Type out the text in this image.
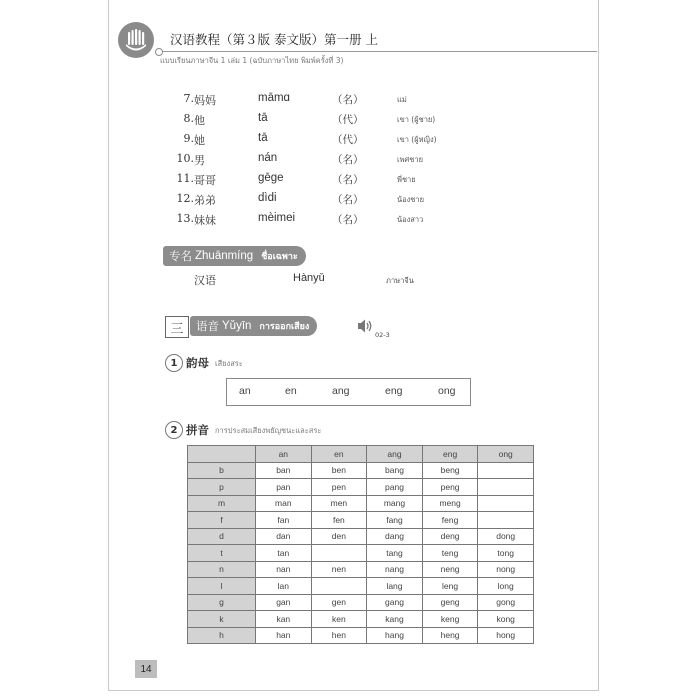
汉语教程（第３版 泰文版）第一册 上
แบบเรียนภาษาจีน 1 เล่ม 1 (ฉบับภาษาไทย พิมพ์ครั้งที่ 3)
7. 妈妈	māmɑ	（名）	แม่
8. 他	tā	（代）	เขา (ผู้ชาย)
9. 她	tā	（代）	เขา (ผู้หญิง)
10. 男	nán	（名）	เพศชาย
11. 哥哥	gēge	（名）	พี่ชาย
12. 弟弟	dìdi	（名）	น้องชาย
13. 妹妹	mèimei	（名）	น้องสาว
专名 Zhuānmíng ชื่อเฉพาะ
汉语	Hànyǔ	ภาษาจีน
三	语音 Yǔyīn การออกเสียง
02-3
1 韵母 เสียงสระ
an	en	ang	eng	ong
2 拼音 การประสมเสียงพยัญชนะและสระ
	an	en	ang	eng	ong
b	ban	ben	bang	beng	
p	pan	pen	pang	peng	
m	man	men	mang	meng	
f	fan	fen	fang	feng	
d	dan	den	dang	deng	dong
t	tan		tang	teng	tong
n	nan	nen	nang	neng	nong
l	lan		lang	leng	long
g	gan	gen	gang	geng	gong
k	kan	ken	kang	keng	kong
h	han	hen	hang	heng	hong
14
